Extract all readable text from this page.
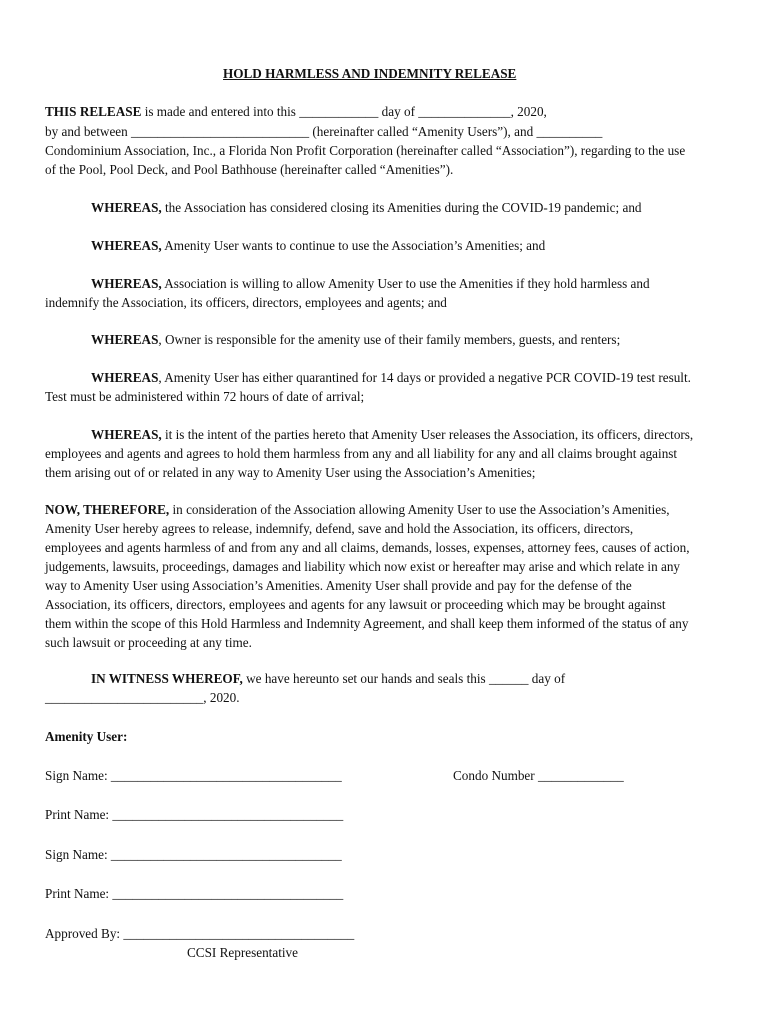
HOLD HARMLESS AND INDEMNITY RELEASE
THIS RELEASE is made and entered into this ____________ day of ______________, 2020,
by and between ___________________________ (hereinafter called “Amenity Users”), and __________
Condominium Association, Inc., a Florida Non Profit Corporation (hereinafter called “Association”), regarding to the use
of the Pool, Pool Deck, and Pool Bathhouse (hereinafter called “Amenities”).
WHEREAS, the Association has considered closing its Amenities during the COVID-19 pandemic; and
WHEREAS, Amenity User wants to continue to use the Association’s Amenities; and
WHEREAS, Association is willing to allow Amenity User to use the Amenities if they hold harmless and
indemnify the Association, its officers, directors, employees and agents; and
WHEREAS, Owner is responsible for the amenity use of their family members, guests, and renters;
WHEREAS, Amenity User has either quarantined for 14 days or provided a negative PCR COVID-19 test result.
Test must be administered within 72 hours of date of arrival;
WHEREAS, it is the intent of the parties hereto that Amenity User releases the Association, its officers, directors,
employees and agents and agrees to hold them harmless from any and all liability for any and all claims brought against
them arising out of or related in any way to Amenity User using the Association’s Amenities;
NOW, THEREFORE, in consideration of the Association allowing Amenity User to use the Association’s Amenities,
Amenity User hereby agrees to release, indemnify, defend, save and hold the Association, its officers, directors,
employees and agents harmless of and from any and all claims, demands, losses, expenses, attorney fees, causes of action,
judgements, lawsuits, proceedings, damages and liability which now exist or hereafter may arise and which relate in any
way to Amenity User using Association’s Amenities. Amenity User shall provide and pay for the defense of the
Association, its officers, directors, employees and agents for any lawsuit or proceeding which may be brought against
them within the scope of this Hold Harmless and Indemnity Agreement, and shall keep them informed of the status of any
such lawsuit or proceeding at any time.
IN WITNESS WHEREOF, we have hereunto set our hands and seals this ______ day of
________________________, 2020.
Amenity User:
Sign Name: ___________________________________	Condo Number _____________
Print Name: ___________________________________
Sign Name: ___________________________________
Print Name: ___________________________________
Approved By: ___________________________________
CCSI Representative
